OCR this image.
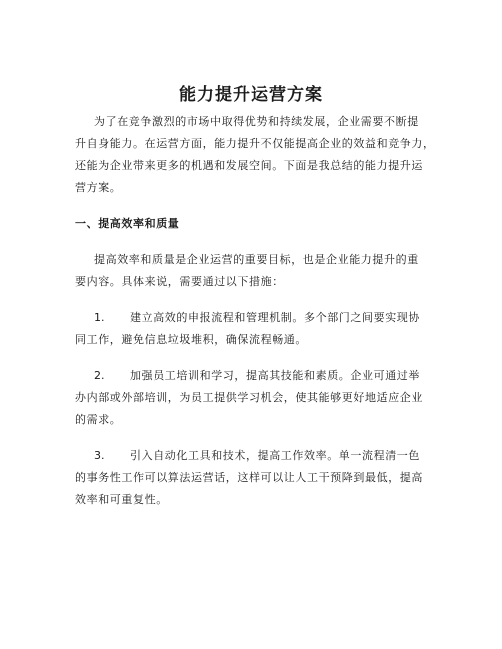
能力提升运营方案
为了在竞争激烈的市场中取得优势和持续发展，企业需要不断提
升自身能力。在运营方面，能力提升不仅能提高企业的效益和竞争力，
还能为企业带来更多的机遇和发展空间。下面是我总结的能力提升运
营方案。
一、提高效率和质量
提高效率和质量是企业运营的重要目标，也是企业能力提升的重
要内容。具体来说，需要通过以下措施：
1. 建立高效的申报流程和管理机制。多个部门之间要实现协
同工作，避免信息垃圾堆积，确保流程畅通。
2. 加强员工培训和学习，提高其技能和素质。企业可通过举
办内部或外部培训，为员工提供学习机会，使其能够更好地适应企业
的需求。
3. 引入自动化工具和技术，提高工作效率。单一流程清一色
的事务性工作可以算法运营话，这样可以让人工干预降到最低，提高
效率和可重复性。
